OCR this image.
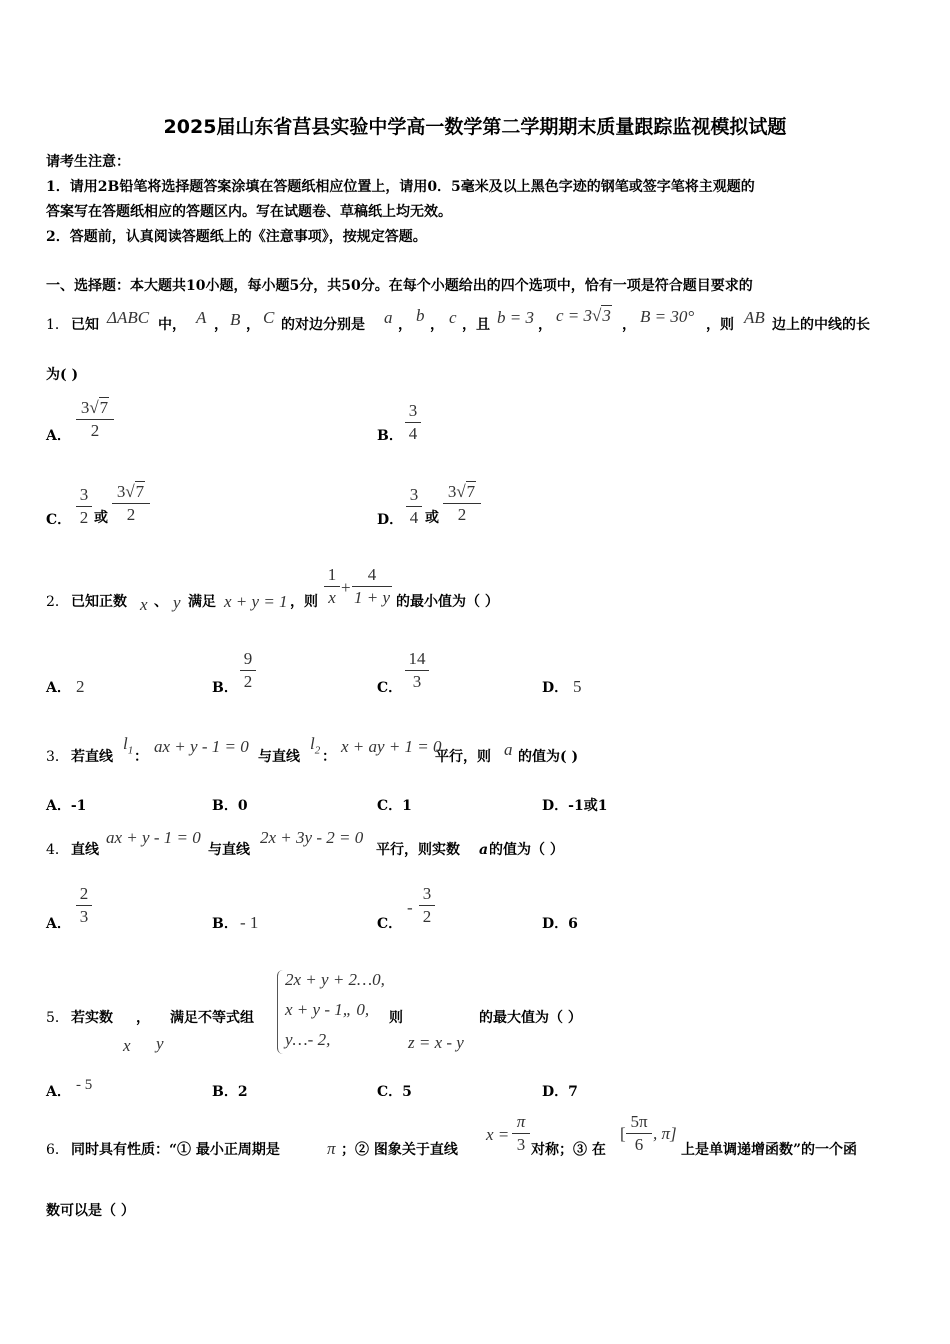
2025届山东省莒县实验中学高一数学第二学期期末质量跟踪监视模拟试题
请考生注意：
1．请用2B铅笔将选择题答案涂填在答题纸相应位置上，请用0．5毫米及以上黑色字迹的钢笔或签字笔将主观题的
答案写在答题纸相应的答题区内。写在试题卷、草稿纸上均无效。
2．答题前，认真阅读答题纸上的《注意事项》，按规定答题。
一、选择题：本大题共10小题，每小题5分，共50分。在每个小题给出的四个选项中，恰有一项是符合题目要求的
1． 已知 ΔABC 中， A ， B ， C 的对边分别是 a ， b ， c ，且 b = 3 ， c = 3√3 ， B = 30° ，则 AB 边上的中线的长
为( )
A．
3√7
2	B．
3
4
C．
3
2 或
3√7
2	D．
3
4 或
3√7
2
2． 已知正数 x 、 y 满足 x + y = 1 ，则
1
x
+
4
1 + y 的最小值为（ ）
A． 2	B．
9
2	C．
14
3	D． 5
3． 若直线
$l_1$ ：
ax + y - 1 = 0
与直线
$l_2$ ：
x + ay + 1 = 0
平行，则 a 的值为( )
A．-1	B．0	C．1	D．-1或1
4． 直线
ax + y - 1 = 0
与直线
2x + 3y - 2 = 0
平行，则实数 a 的值为（ ）
A．
2
3	B． - 1	C．
-
3
2	D．6
5． 若实数 ， 满足不等式组
x y
2x + y + 2…0,
x + y - 1„ 0,
y…- 2,
则
z = x - y
的最大值为（ ）
A． - 5	B．2	C．5	D．7
6． 同时具有性质：“① 最小正周期是	π ；② 图象关于直线
x =
π
3 对称；③ 在
[
5π
6
, π]
上是单调递增函数”的一个函
数可以是（ ）
